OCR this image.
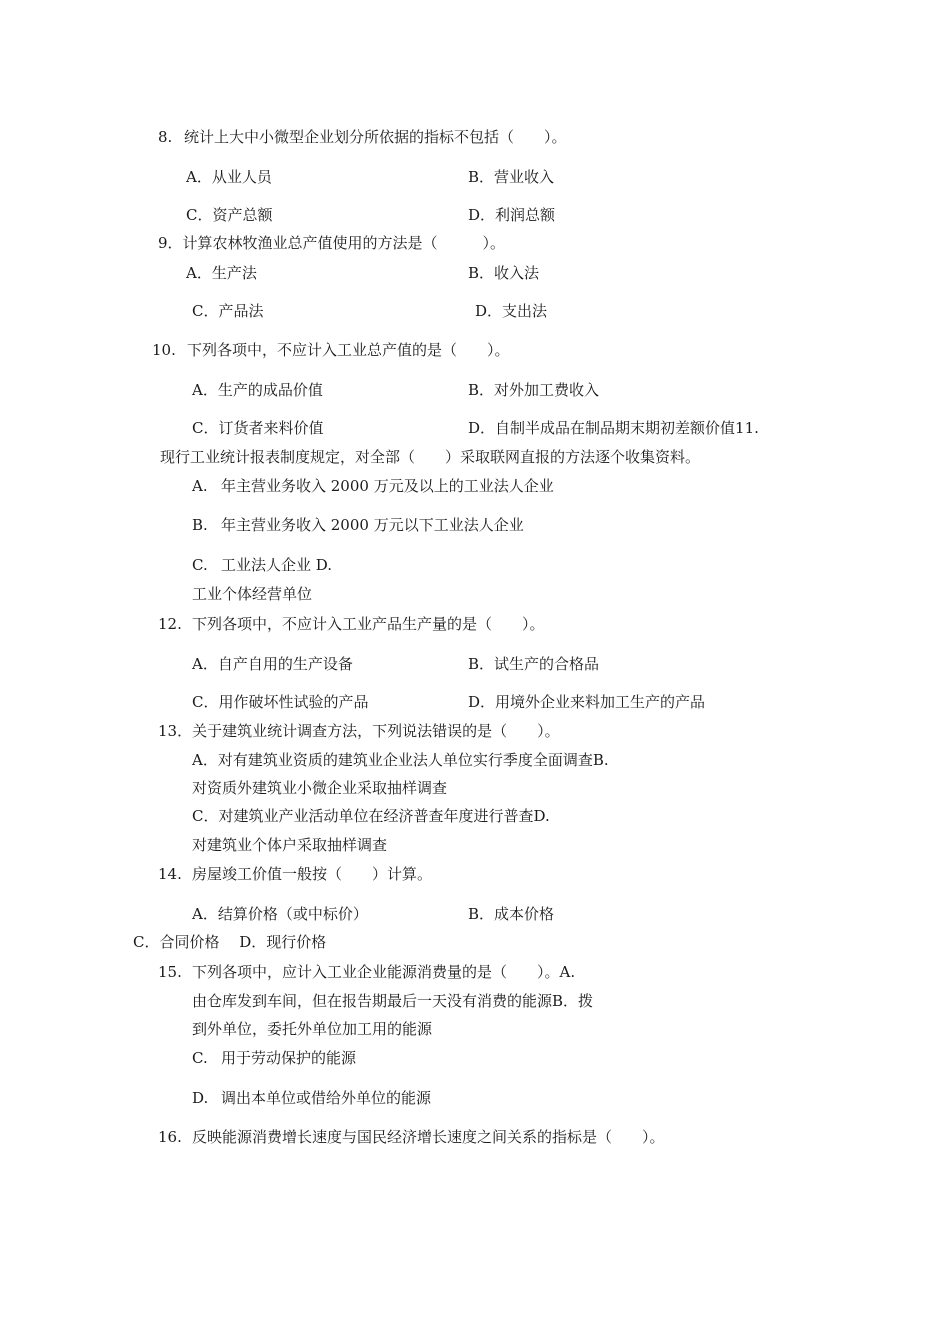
8. 统计上大中小微型企业划分所依据的指标不包括（　　）。
A．从业人员	B．营业收入
C．资产总额	D．利润总额
9．计算农林牧渔业总产值使用的方法是（　　　）。
A．生产法	B．收入法
C．产品法	D．支出法
10. 下列各项中，不应计入工业总产值的是（　　）。
A．生产的成品价值	B．对外加工费收入
C．订货者来料价值	D．自制半成品在制品期末期初差额价值11.
现行工业统计报表制度规定，对全部（　　）采取联网直报的方法逐个收集资料。
A. 年主营业务收入 2000 万元及以上的工业法人企业
B. 年主营业务收入 2000 万元以下工业法人企业
C. 工业法人企业 D.
工业个体经营单位
12. 下列各项中，不应计入工业产品生产量的是（　　）。
A．自产自用的生产设备	B．试生产的合格品
C．用作破坏性试验的产品	D．用境外企业来料加工生产的产品
13．关于建筑业统计调查方法，下列说法错误的是（　　）。
A．对有建筑业资质的建筑业企业法人单位实行季度全面调查B.
对资质外建筑业小微企业采取抽样调查
C．对建筑业产业活动单位在经济普查年度进行普查D.
对建筑业个体户采取抽样调查
14. 房屋竣工价值一般按（　　）计算。
A．结算价格（或中标价）	B．成本价格
C．合同价格　 D．现行价格
15. 下列各项中，应计入工业企业能源消费量的是（　　）。A.
由仓库发到车间，但在报告期最后一天没有消费的能源B．拨
到外单位，委托外单位加工用的能源
C. 用于劳动保护的能源
D. 调出本单位或借给外单位的能源
16. 反映能源消费增长速度与国民经济增长速度之间关系的指标是（　　）。
